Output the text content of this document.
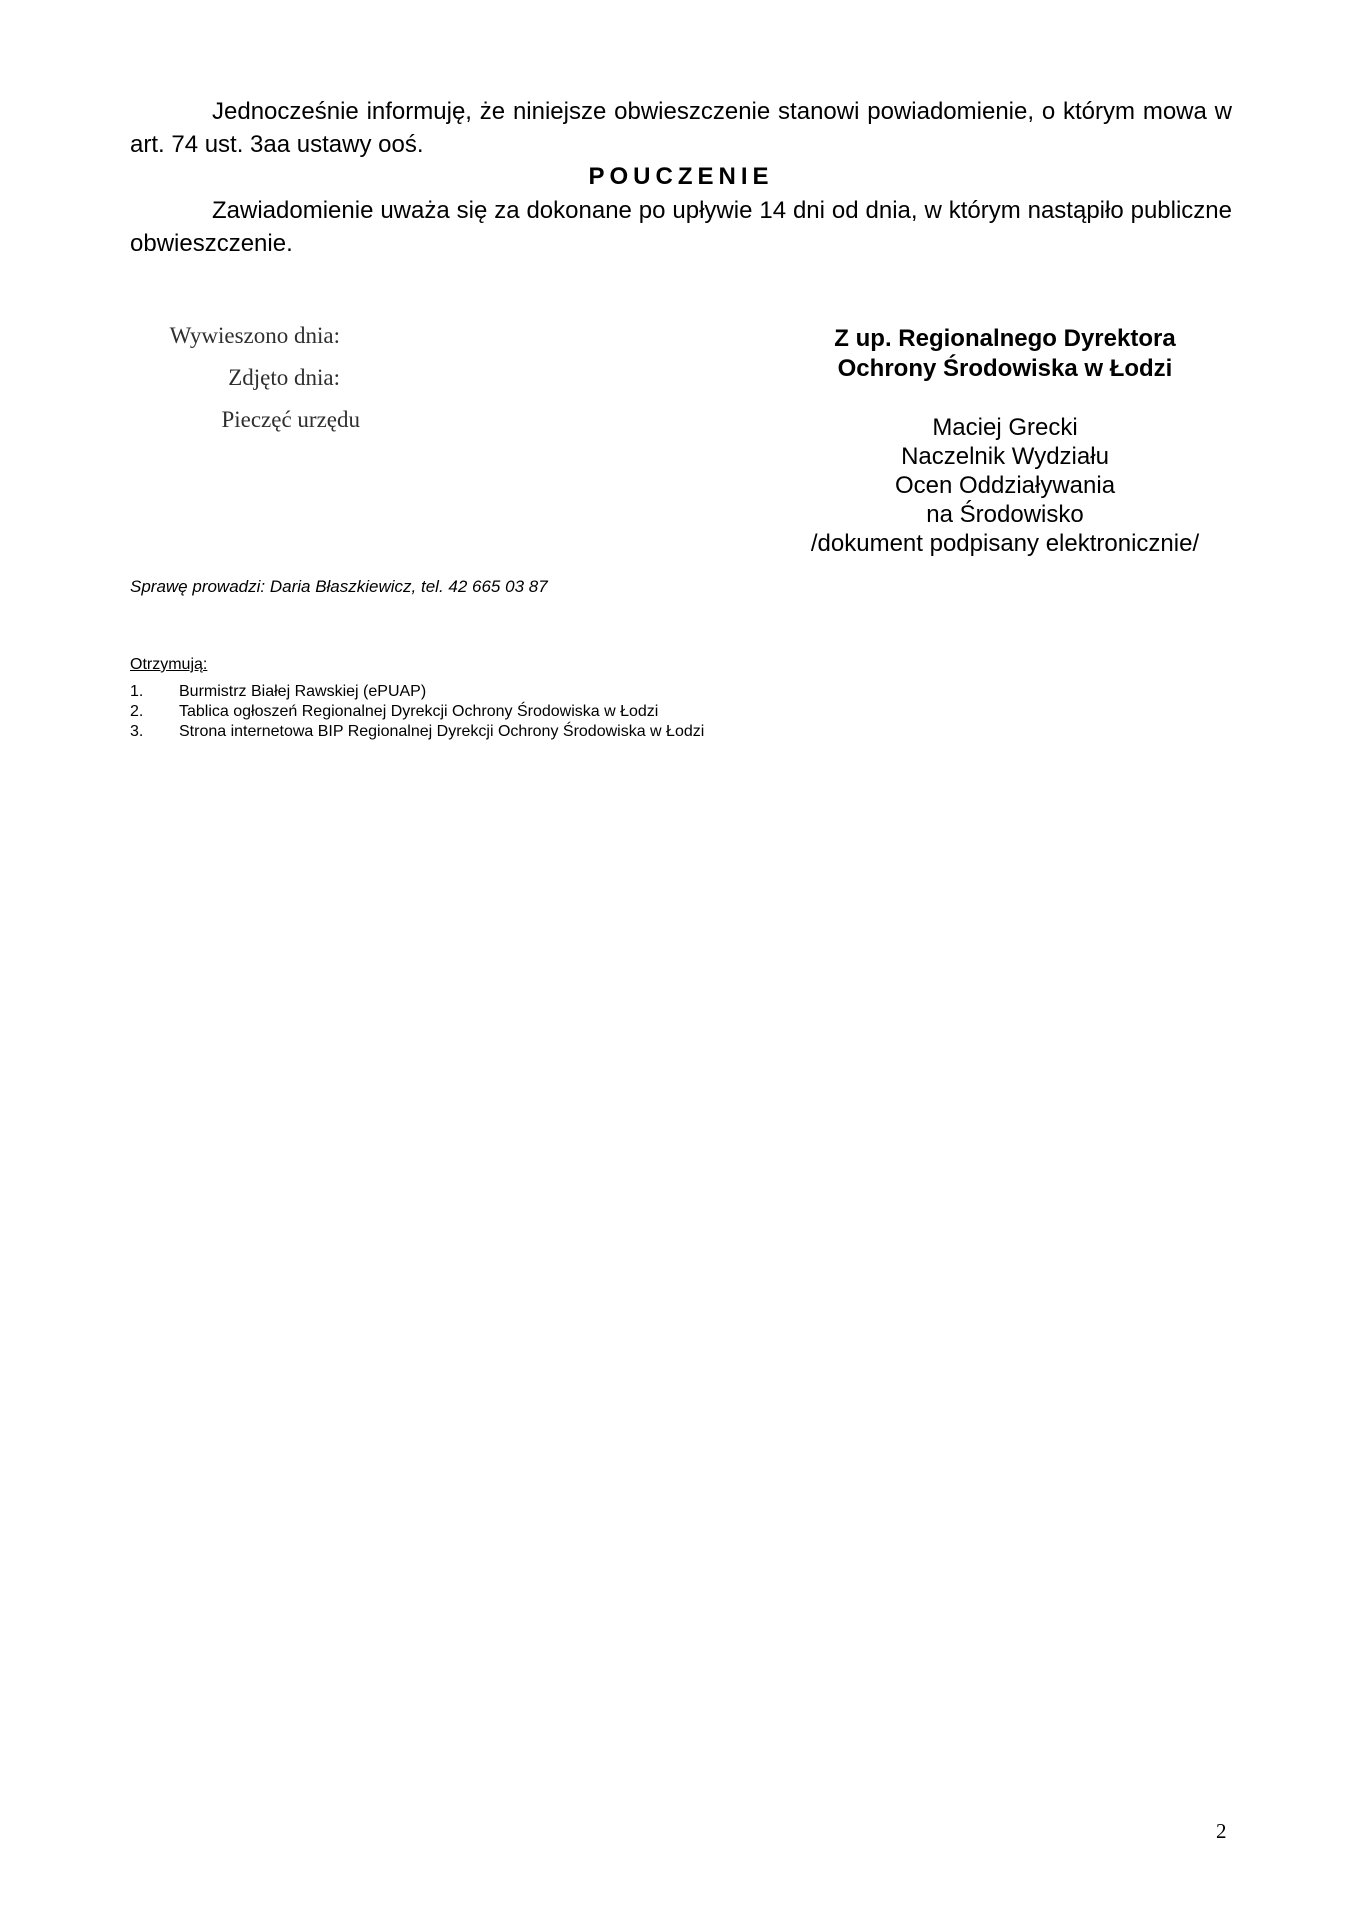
Jednocześnie informuję, że niniejsze obwieszczenie stanowi powiadomienie, o którym mowa w art. 74 ust. 3aa ustawy ooś.
POUCZENIE
Zawiadomienie uważa się za dokonane po upływie 14 dni od dnia, w którym nastąpiło publiczne obwieszczenie.
Wywieszono dnia:
Zdjęto dnia:
Pieczęć urzędu
Z up. Regionalnego Dyrektora
Ochrony Środowiska w Łodzi
Maciej Grecki
Naczelnik Wydziału
Ocen Oddziaływania
na Środowisko
/dokument podpisany elektronicznie/
Sprawę prowadzi: Daria Błaszkiewicz, tel. 42 665 03 87
Otrzymują:
1.	Burmistrz Białej Rawskiej (ePUAP)
2.	Tablica ogłoszeń Regionalnej Dyrekcji Ochrony Środowiska w Łodzi
3.	Strona internetowa BIP Regionalnej Dyrekcji Ochrony Środowiska w Łodzi
2
